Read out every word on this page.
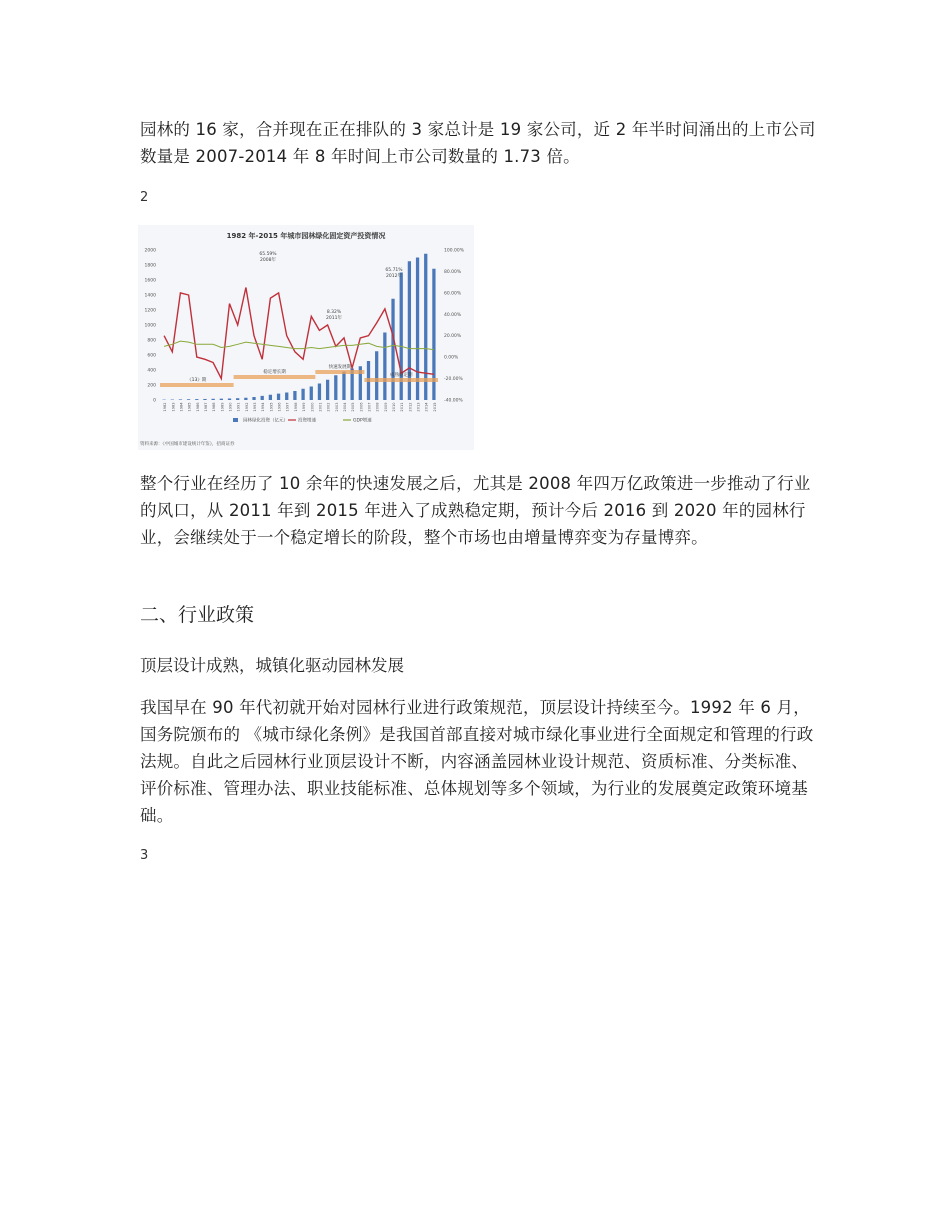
园林的 16 家，合并现在正在排队的 3 家总计是 19 家公司，近 2 年半时间涌出的上市公司数量是 2007-2014 年 8 年时间上市公司数量的 1.73 倍。

2

1982 年-2015 年城市园林绿化固定资产投资情况
2000
1800
1600
1400
1200
1000
800
600
400
200
0
100.00%
80.00%
60.00%
40.00%
20.00%
0.00%
-20.00%
-40.00%
《13》期
稳定增长期
快速发展期
成熟稳定期
65.59%
2008年
8.32%
2011年
65.71%
2012年
1982 1983 1984 1985 1986 1987 1988 1989 1990 1991 1992 1993 1994 1995 1996 1997 1998 1999 2000 2001 2002 2003 2004 2005 2006 2007 2008 2009 2010 2011 2012 2013 2014 2015
园林绿化投资（亿元） 投资增速	GDP增速
资料来源：《中国城市建设统计年鉴》，招商证券

整个行业在经历了 10 余年的快速发展之后，尤其是 2008 年四万亿政策进一步推动了行业的风口，从 2011 年到 2015 年进入了成熟稳定期，预计今后 2016 到 2020 年的园林行业，会继续处于一个稳定增长的阶段，整个市场也由增量博弈变为存量博弈。

二、行业政策

顶层设计成熟，城镇化驱动园林发展

我国早在 90 年代初就开始对园林行业进行政策规范，顶层设计持续至今。1992 年 6 月，国务院颁布的 《城市绿化条例》是我国首部直接对城市绿化事业进行全面规定和管理的行政法规。自此之后园林行业顶层设计不断，内容涵盖园林业设计规范、资质标准、分类标准、评价标准、管理办法、职业技能标准、总体规划等多个领域，为行业的发展奠定政策环境基础。

3
